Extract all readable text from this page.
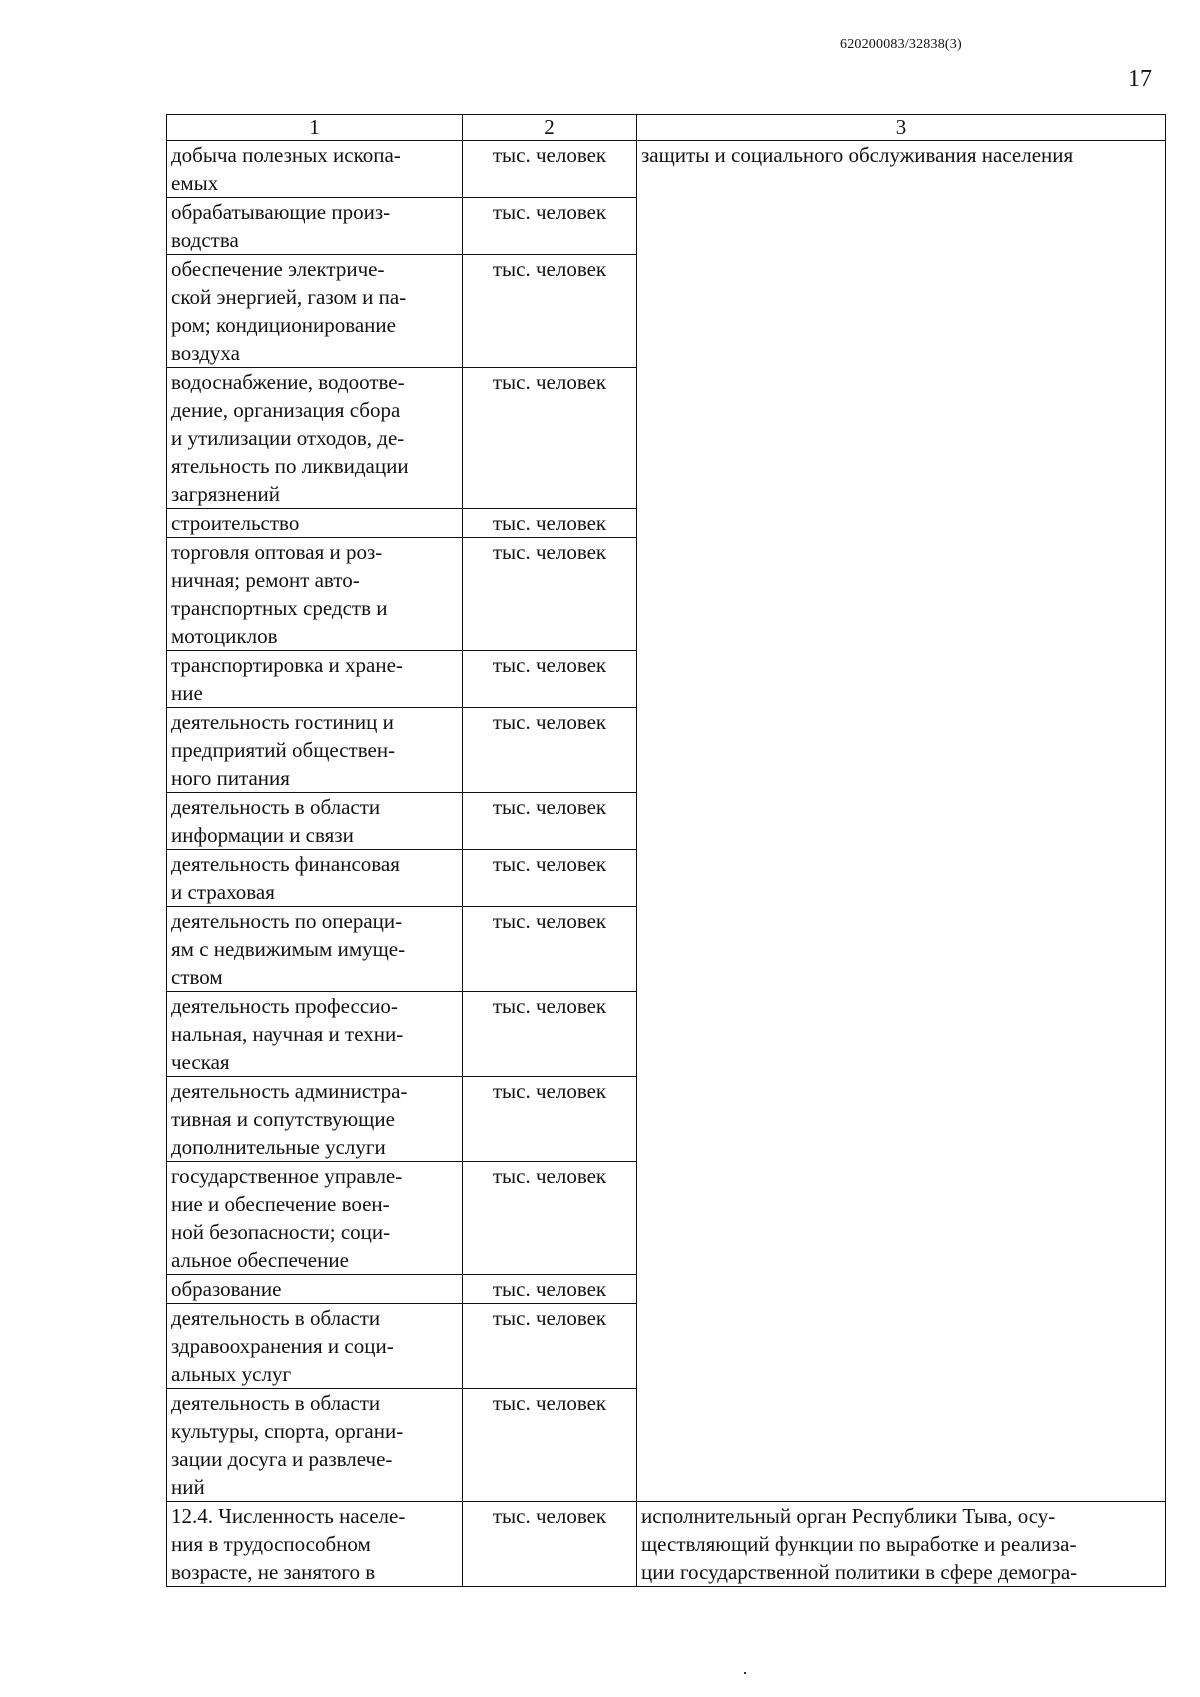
620200083/32838(3)
17
1	2	3
добыча полезных ископа-
емых	тыс. человек	защиты и социального обслуживания населения
обрабатывающие произ-
водства	тыс. человек	
обеспечение электриче-
ской энергией, газом и па-
ром; кондиционирование
воздуха	тыс. человек	
водоснабжение, водоотве-
дение, организация сбора
и утилизации отходов, де-
ятельность по ликвидации
загрязнений	тыс. человек	
строительство	тыс. человек	
торговля оптовая и роз-
ничная; ремонт авто-
транспортных средств и
мотоциклов	тыс. человек	
транспортировка и хране-
ние	тыс. человек	
деятельность гостиниц и
предприятий обществен-
ного питания	тыс. человек	
деятельность в области
информации и связи	тыс. человек	
деятельность финансовая
и страховая	тыс. человек	
деятельность по операци-
ям с недвижимым имуще-
ством	тыс. человек	
деятельность профессио-
нальная, научная и техни-
ческая	тыс. человек	
деятельность администра-
тивная и сопутствующие
дополнительные услуги	тыс. человек	
государственное управле-
ние и обеспечение воен-
ной безопасности; соци-
альное обеспечение	тыс. человек	
образование	тыс. человек	
деятельность в области
здравоохранения и соци-
альных услуг	тыс. человек	
деятельность в области
культуры, спорта, органи-
зации досуга и развлече-
ний	тыс. человек	
12.4. Численность населе-
ния в трудоспособном
возрасте, не занятого в	тыс. человек	исполнительный орган Республики Тыва, осу-
ществляющий функции по выработке и реализа-
ции государственной политики в сфере демогра-
